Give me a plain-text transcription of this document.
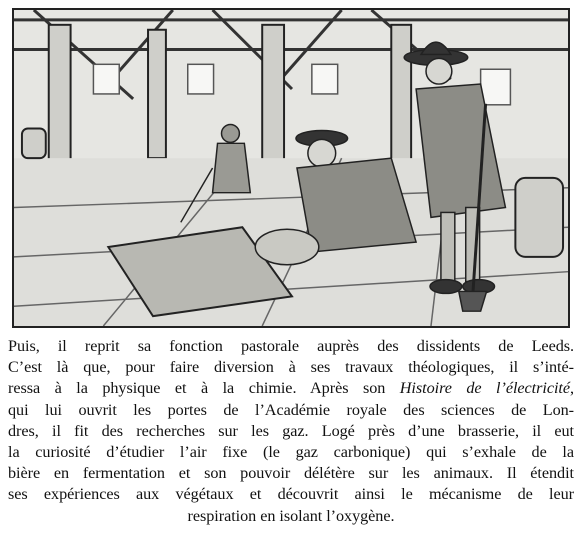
Puis, il reprit sa fonction pastorale auprès des dissidents de Leeds.
C’est là que, pour faire diversion à ses travaux théologiques, il s’inté-
ressa à la physique et à la chimie. Après son Histoire de l’électricité,
qui lui ouvrit les portes de l’Académie royale des sciences de Lon-
dres, il fit des recherches sur les gaz. Logé près d’une brasserie, il eut
la curiosité d’étudier l’air fixe (le gaz carbonique) qui s’exhale de la
bière en fermentation et son pouvoir délétère sur les animaux. Il étendit
ses expériences aux végétaux et découvrit ainsi le mécanisme de leur
respiration en isolant l’oxygène.
